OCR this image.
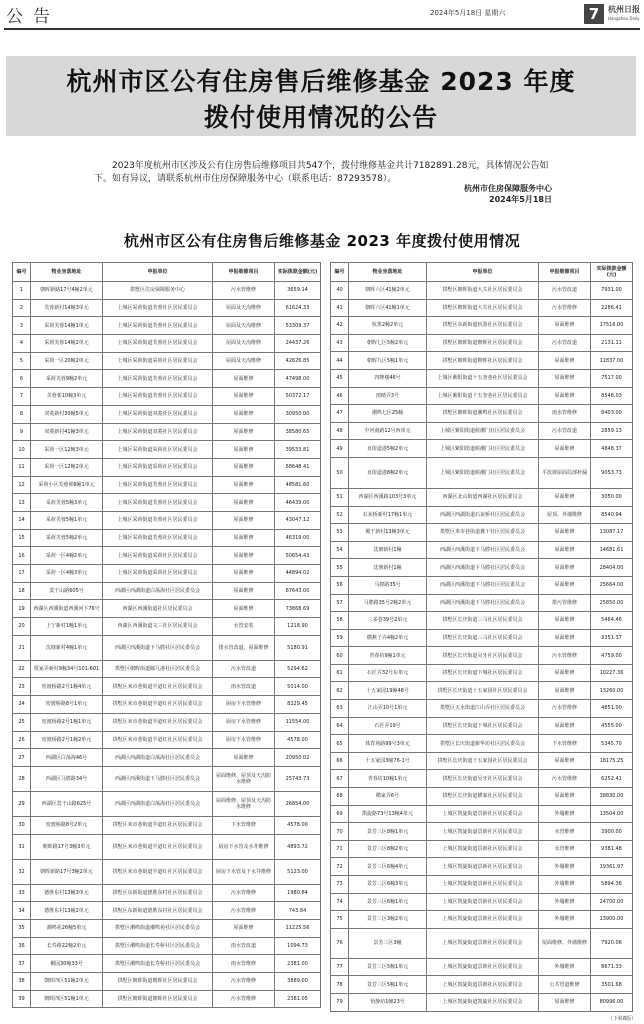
公告	2024年5月18日 星期六	7	杭州日报
Hangzhou Daily
杭州市区公有住房售后维修基金 2023 年度
拨付使用情况的公告
2023年度杭州市区涉及公有住房售后维修项目共547个，拨付维修基金共计7182891.28元，具体情况公告如下。如有异议，请联系杭州市住房保障服务中心（联系电话：87293578）。
杭州市住房保障服务中心
2024年5月18日
杭州市区公有住房售后维修基金 2023 年度拨付使用情况
编号	物业坐落地址	申报单位	申报维修项目	实际拨款金额(元)
1	朝晖新路17号4幢2单元	拱墅区住房保障服务中心	污水管维修	3659.14
2	芙蓉新村14幢3单元	上城区采荷街道芙蓉社区居民委员会	屋面及天沟维修	61624.33
3	采荷芙蓉14幢1单元	上城区采荷街道芙蓉社区居民委员会	屋面及天沟维修	53309.37
4	采荷芙蓉14幢2单元	上城区采荷街道芙蓉社区居民委员会	屋面及天沟维修	24437.26
5	采荷一区20幢2单元	上城区采荷街道采荷社区居民委员会	屋面及天沟维修	42626.85
6	采荷芙蓉9幢2单元	上城区采荷街道芙蓉社区居民委员会	屋面维修	47498.00
7	芙蓉邨10幢3单元	上城区采荷街道芙蓉社区居民委员会	屋面维修	50372.17
8	双菱新村30幢5单元	上城区采荷街道双菱社区居民委员会	屋面维修	30950.00
9	双菱新村41幢3单元	上城区采荷街道双菱社区居民委员会	屋面维修	38580.65
10	采荷一区12幢3单元	上城区采荷街道采荷社区居民委员会	屋面维修	39533.81
11	采荷一区12幢2单元	上城区采荷街道采荷社区居民委员会	屋面维修	58648.41
12	采荷小区芙蓉邨6幢1单元	上城区采荷街道芙蓉社区居民委员会	屋面维修	48581.60
13	采荷芙蓉5幢3单元	上城区采荷街道芙蓉社区居民委员会	屋面维修	46439.00
14	采荷芙蓉5幢1单元	上城区采荷街道芙蓉社区居民委员会	屋面维修	43047.12
15	采荷芙蓉5幢2单元	上城区采荷街道芙蓉社区居民委员会	屋面维修	46319.00
16	采荷一区4幢2单元	上城区采荷街道采荷社区居民委员会	屋面维修	50654.43
17	采荷一区4幢3单元	上城区采荷街道采荷社区居民委员会	屋面维修	44894.02
18	莫干山路605号	西湖区西湖街道白荡海社区居民委员会	屋面维修	87643.00
19	西湖区西溪街道西溪河下76号	西湖区西溪街道社区居民委员会	屋面维修	73868.69
20	上宁新村1幢1单元	西湖区西溪街道文三社区居民委员会	水管安装	1218.90
21	沈塘新村4幢1单元	西湖区西溪街道下马塍社区居民委员会	排水管改道、屋面维修	5180.91
22	贾家弄新村9幢34号101-601	拱墅区朝晖街道邮儿港社区居民委员会	污水管改道	5294.62
23	密渡桥路2号1幢4单元	拱墅区米市巷街道半道红社区居民委员会	雨水管改道	5014.00
24	密渡桥路8号1单元	拱墅区米市巷街道半道红社区居民委员会	厨房下水管维修	8229.45
25	密渡桥路2号1幢1单元	拱墅区米市巷街道半道红社区居民委员会	厨房下水管维修	11554.00
26	密渡桥路2号1幢2单元	拱墅区米市巷街道半道红社区居民委员会	厨房下水管维修	4578.00
27	西湖区白荡海46号	西湖区西湖街道白荡海社区居民委员会	屋面维修	20950.02
28	西湖区马塍路34号	西湖区西溪街道下马塍社区居民委员会	屋面维修、屋顶及天沟防水维修	25743.73
29	西湖区莫干山路625号	西湖区西湖街道白荡海社区居民委员会	屋面维修、屋顶及天沟防水维修	26854.00
30	密渡桥路8号2单元	拱墅区米市巷街道半道红社区居民委员会	下水管维修	4578.00
31	朝晖路17号3幢3单元	拱墅区米市巷街道半道红社区居民委员会	厨房下水管及水井维修	4893.72
32	朝晖新路17号3幢2单元	拱墅区米市巷街道半道红社区居民委员会	厨房下水管及下水井维修	5123.00
33	德胜东村13幢3单元	拱墅区东新街道德胜东村社区居民委员会	污水管维修	1980.84
34	德胜东村13幢2单元	拱墅区东新街道德胜东村社区居民委员会	污水管维修	743.84
35	潮鸣苑26幢5单元	拱墅区潮鸣街道潮鸣苑社区居民委员会	屋面维修	11225.56
36	长寿路22幢2单元	拱墅区潮鸣街道长寿桥社区居民委员会	雨水管改道	1094.73
37	桐园30幢33号	拱墅区潮鸣街道长寿桥社区居民委员会	雨水管维修	2381.00
38	朝晖四区51幢2单元	拱墅区朝晖街道朝晖社区居民委员会	污水管维修	3889.00
39	朝晖四区51幢1单元	拱墅区朝晖街道朝晖社区居民委员会	污水管维修	2381.05
编号	物业坐落地址	申报单位	申报维修项目	实际拨款金额(元)
40	朝晖六区41幢2单元	拱墅区朝晖街道大关社区居民委员会	污水管改道	7931.00
41	朝晖六区41幢1单元	拱墅区朝晖街道大关社区居民委员会	污水管维修	2286.41
42	杭墨2幢2单元	拱墅区东新街道杭墨社区居民委员会	屋面维修	17516.00
43	朝晖七区5幢2单元	拱墅区朝晖街道朝晖社区居民委员会	污水管改道	2131.11
44	朝晖九区5幢1单元	拱墅区朝晖街道朝晖社区居民委员会	屋面维修	11837.00
45	四牌楼46号	上城区紫阳街道十五奎巷社区居民委员会	屋面维修	7517.00
46	雨晴弄3号	上城区紫阳街道十五奎巷社区居民委员会	屋面维修	8548.03
47	潮鸣七区25幢	拱墅区朝晖街道潮鸣社区居民委员会	雨水管维修	8403.00
48	中河南路12号西单元	上城区紫阳街道候潮门社区居民委员会	污水管改道	2859.13
49	直街道港5幢2单元	上城区紫阳街道候潮门社区居民委员会	屋面维修	4848.37
50	直街道港8幢2单元	上城区紫阳街道候潮门社区居民委员会	平改坡屋面局部补漏	9053.73
51	西湖区西溪路103号3单元	西湖区北山街道西湖社区居民委员会	屋面维修	3050.00
52	石灰桥新村17幢1单元	西湖区西湖街道石灰桥社区居民委员会	屋顶、外墙维修	8540.94
53	翼干新村13幢3单元	拱墅区米市巷街道翼干社区居民委员会	屋面维修	13087.17
54	沈塘新村1幢	西湖区西溪街道下马塍社区居民委员会	屋面维修	14681.61
55	沈塘新村1幢	西湖区西溪街道下马塍社区居民委员会	屋面维修	28404.00
56	马塍路35号	西湖区西溪街道下马塍社区居民委员会	屋面维修	25664.00
57	马塍路35号2幢2单元	西湖区西溪街道下马塍社区居民委员会	排污管维修	25850.00
58	三多巷39号2单元	拱墅区长庆街道三马社区居民委员会	屋面维修	5464.46
59	横燕子弄4幢2单元	拱墅区长庆街道三马社区居民委员会	屋面维修	3351.37
60	青春坊9幢1单元	拱墅区长庆街道吴牙社区居民委员会	污水管维修	4759.00
61	石匠弄32号东单元	拱墅区长庆街道下城社区居民委员会	屋面维修	10227.36
62	十五家园19幢48号	拱墅区长庆街道十五家园社区居民委员会	屋面维修	13260.00
63	江山弄10号1单元	拱墅区天水街道江山弄社区居民委员会	污水管维修	4851.00
64	石匠弄19号	拱墅区长庆街道下城社区居民委员会	屋面维修	4555.00
65	体育场路99号3单元	拱墅区长庆街道新华坊社区居民委员会	下水管维修	5345.70
66	十五家园3幢76-1号	拱墅区长庆街道十五家园社区居民委员会	屋面维修	18175.25
67	青春坊10幢1单元	拱墅区长庆街道吴牙社区居民委员会	污水管维修	6252.41
68	横家弄6号	拱墅区长庆街道横家社区居民委员会	屋面维修	38830.00
69	凯旋路73号13幢4单元	上城区凯旋街道景新社区居民委员会	外墙维修	13504.00
70	景芳三区8幢1单元	上城区凯旋街道景新社区居民委员会	水管维修	3900.00
71	景芳三区8幢2单元	上城区凯旋街道景新社区居民委员会	水管维修	9381.48
72	景芳三区6幢4单元	上城区凯旋街道景新社区居民委员会	外墙维修	19361.97
73	景芳三区6幢3单元	上城区凯旋街道景新社区居民委员会	外墙维修	5894.36
74	景芳三区6幢1单元	上城区凯旋街道景新社区居民委员会	外墙维修	24700.00
75	景芳三区3幢2单元	上城区凯旋街道景新社区居民委员会	外墙维修	13900.00
76	景芳三区3幢	上城区凯旋街道景新社区居民委员会	屋面维修、外墙维修	7920.06
77	景芳三区5幢1单元	上城区凯旋街道景新社区居民委员会	外墙维修	8671.33
78	景芳三区5幢1单元	上城区凯旋街道景新社区居民委员会	公共管道维修	3501.68
79	怡静坊1幢23号	上城区凯旋街道凯旋社区居民委员会	屋面维修	80996.00
（下转8版）
